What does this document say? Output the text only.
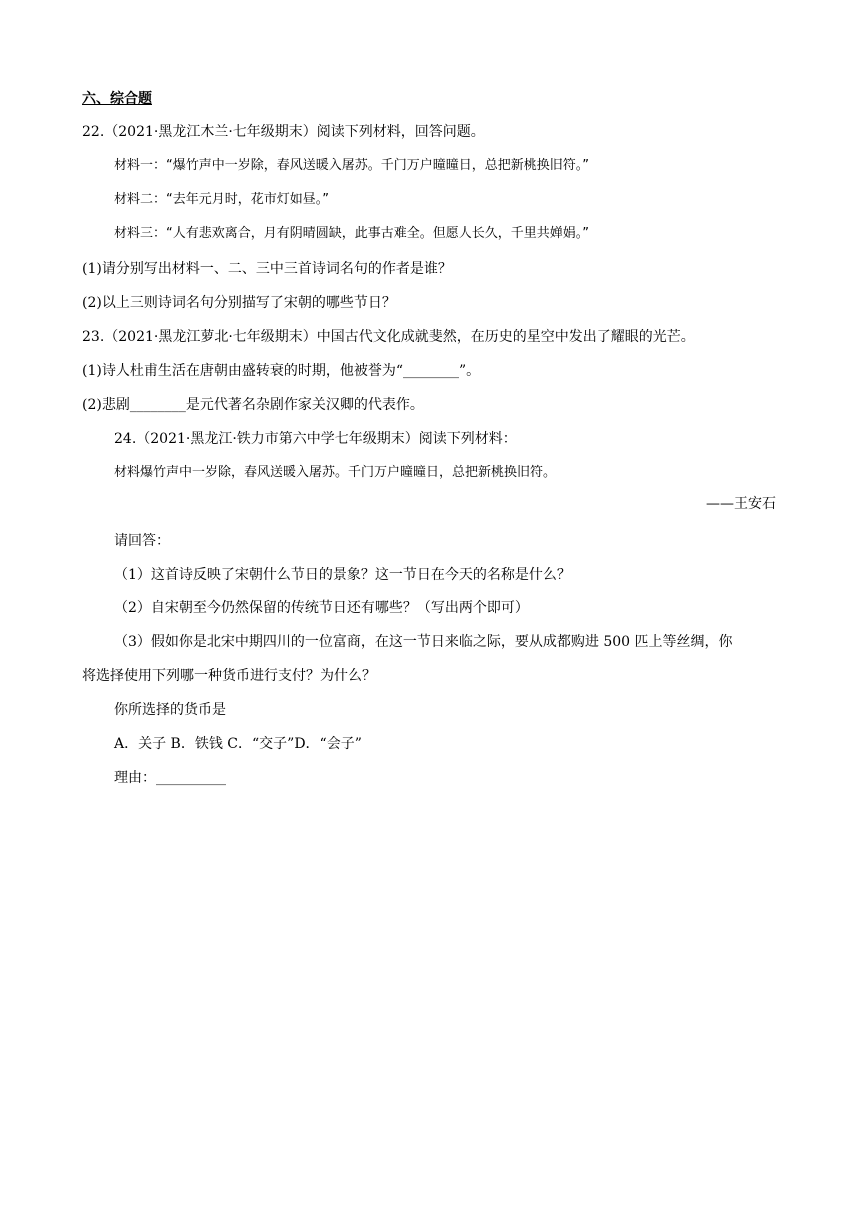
六、综合题
22.（2021·黑龙江木兰·七年级期末）阅读下列材料，回答问题。
材料一：“爆竹声中一岁除，春风送暖入屠苏。千门万户曈曈日，总把新桃换旧符。”
材料二：“去年元月时，花市灯如昼。”
材料三：“人有悲欢离合，月有阴晴圆缺，此事古难全。但愿人长久，千里共婵娟。”
(1)请分别写出材料一、二、三中三首诗词名句的作者是谁？
(2)以上三则诗词名句分别描写了宋朝的哪些节日？
23.（2021·黑龙江萝北·七年级期末）中国古代文化成就斐然，在历史的星空中发出了耀眼的光芒。
(1)诗人杜甫生活在唐朝由盛转衰的时期，他被誉为“________”。
(2)悲剧________是元代著名杂剧作家关汉卿的代表作。
24.（2021·黑龙江·铁力市第六中学七年级期末）阅读下列材料：
材料爆竹声中一岁除，春风送暖入屠苏。千门万户曈曈日，总把新桃换旧符。
——王安石
请回答：
（1）这首诗反映了宋朝什么节日的景象？这一节日在今天的名称是什么？
（2）自宋朝至今仍然保留的传统节日还有哪些？（写出两个即可）
（3）假如你是北宋中期四川的一位富商，在这一节日来临之际，要从成都购进 500 匹上等丝绸，你
将选择使用下列哪一种货币进行支付？为什么？
你所选择的货币是
A．关子 B．铁钱 C．“交子”D．“会子”
理由：__________
